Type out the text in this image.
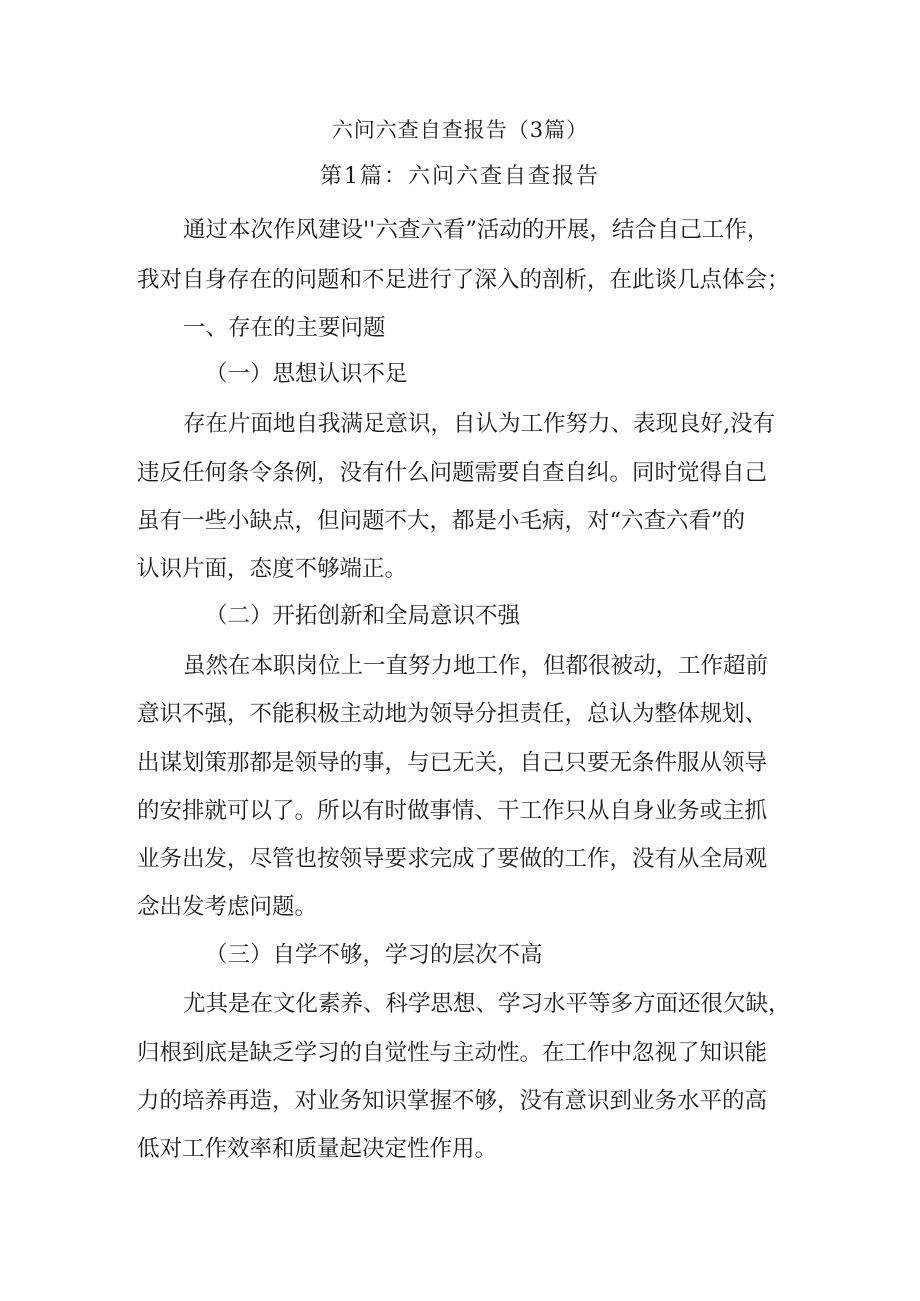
六问六查自查报告（3篇）
第1篇：六问六查自查报告
通过本次作风建设''六查六看”活动的开展，结合自己工作，
我对自身存在的问题和不足进行了深入的剖析，在此谈几点体会；
一、存在的主要问题
（一）思想认识不足
存在片面地自我满足意识，自认为工作努力、表现良好,没有
违反任何条令条例，没有什么问题需要自查自纠。同时觉得自己
虽有一些小缺点，但问题不大，都是小毛病，对“六查六看”的
认识片面，态度不够端正。
（二）开拓创新和全局意识不强
虽然在本职岗位上一直努力地工作，但都很被动，工作超前
意识不强，不能积极主动地为领导分担责任，总认为整体规划、
出谋划策那都是领导的事，与已无关，自己只要无条件服从领导
的安排就可以了。所以有时做事情、干工作只从自身业务或主抓
业务出发，尽管也按领导要求完成了要做的工作，没有从全局观
念出发考虑问题。
（三）自学不够，学习的层次不高
尤其是在文化素养、科学思想、学习水平等多方面还很欠缺，
归根到底是缺乏学习的自觉性与主动性。在工作中忽视了知识能
力的培养再造，对业务知识掌握不够，没有意识到业务水平的高
低对工作效率和质量起决定性作用。
